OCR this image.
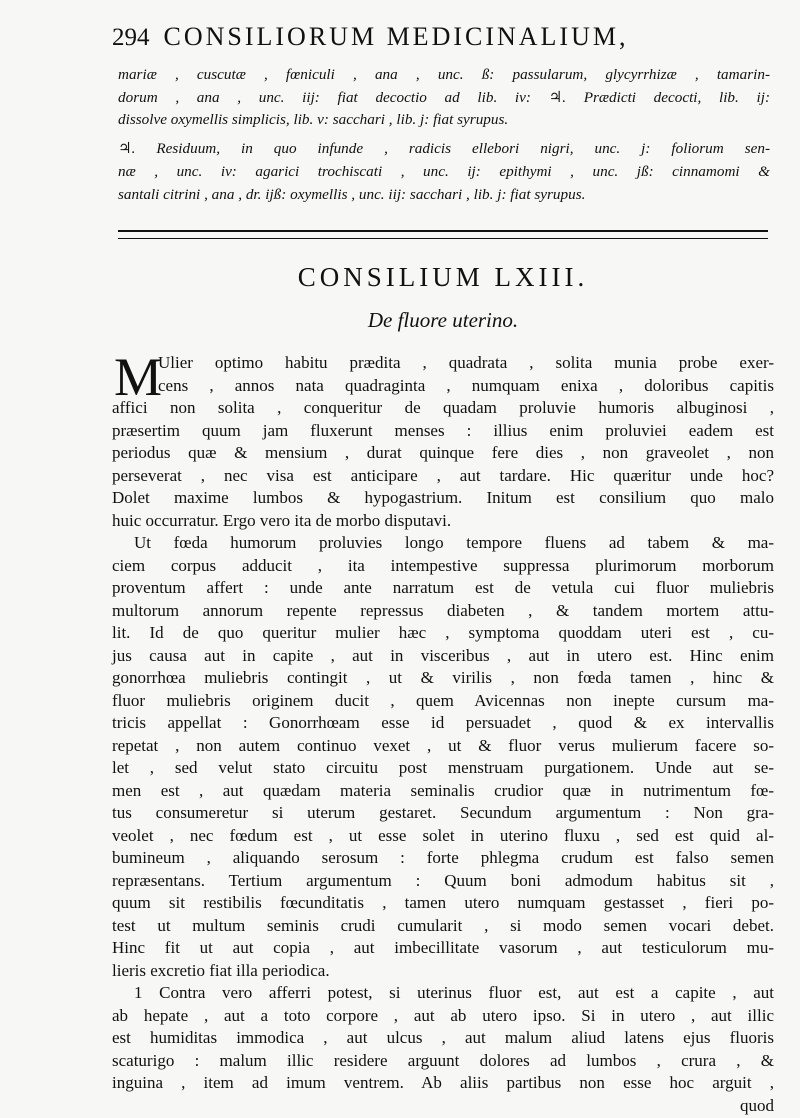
294 CONSILIORUM MEDICINALIUM,
mariæ , cuscutæ , fœniculi , ana , unc. ß: passularum, glycyrrhizæ , tamarin-
dorum , ana , unc. iij: fiat decoctio ad lib. iv: ♃. Prædicti decocti, lib. ij:
dissolve oxymellis simplicis, lib. v: sacchari , lib. j: fiat syrupus.
♃. Residuum, in quo infunde , radicis ellebori nigri, unc. j: foliorum sen-
næ , unc. iv: agarici trochiscati , unc. ij: epithymi , unc. jß: cinnamomi &
santali citrini , ana , dr. ijß: oxymellis , unc. iij: sacchari , lib. j: fiat syrupus.
CONSILIUM LXIII.
De fluore uterino.
M
Ulier optimo habitu prædita , quadrata , solita munia probe exer-
cens , annos nata quadraginta , numquam enixa , doloribus capitis
affici non solita , conqueritur de quadam proluvie humoris albuginosi ,
præsertim quum jam fluxerunt menses : illius enim proluviei eadem est
periodus quæ & mensium , durat quinque fere dies , non graveolet , non
perseverat , nec visa est anticipare , aut tardare. Hic quæritur unde hoc?
Dolet maxime lumbos & hypogastrium. Initum est consilium quo malo
huic occurratur. Ergo vero ita de morbo disputavi.
Ut fœda humorum proluvies longo tempore fluens ad tabem & ma-
ciem corpus adducit , ita intempestive suppressa plurimorum morborum
proventum affert : unde ante narratum est de vetula cui fluor muliebris
multorum annorum repente repressus diabeten , & tandem mortem attu-
lit. Id de quo queritur mulier hæc , symptoma quoddam uteri est , cu-
jus causa aut in capite , aut in visceribus , aut in utero est. Hinc enim
gonorrhœa muliebris contingit , ut & virilis , non fœda tamen , hinc &
fluor muliebris originem ducit , quem Avicennas non inepte cursum ma-
tricis appellat : Gonorrhœam esse id persuadet , quod & ex intervallis
repetat , non autem continuo vexet , ut & fluor verus mulierum facere so-
let , sed velut stato circuitu post menstruam purgationem. Unde aut se-
men est , aut quædam materia seminalis crudior quæ in nutrimentum fœ-
tus consumeretur si uterum gestaret. Secundum argumentum : Non gra-
veolet , nec fœdum est , ut esse solet in uterino fluxu , sed est quid al-
bumineum , aliquando serosum : forte phlegma crudum est falso semen
repræsentans. Tertium argumentum : Quum boni admodum habitus sit ,
quum sit restibilis fœcunditatis , tamen utero numquam gestasset , fieri po-
test ut multum seminis crudi cumularit , si modo semen vocari debet.
Hinc fit ut aut copia , aut imbecillitate vasorum , aut testiculorum mu-
lieris excretio fiat illa periodica.
1 Contra vero afferri potest, si uterinus fluor est, aut est a capite , aut
ab hepate , aut a toto corpore , aut ab utero ipso. Si in utero , aut illic
est humiditas immodica , aut ulcus , aut malum aliud latens ejus fluoris
scaturigo : malum illic residere arguunt dolores ad lumbos , crura , &
inguina , item ad imum ventrem. Ab aliis partibus non esse hoc arguit ,
quod
